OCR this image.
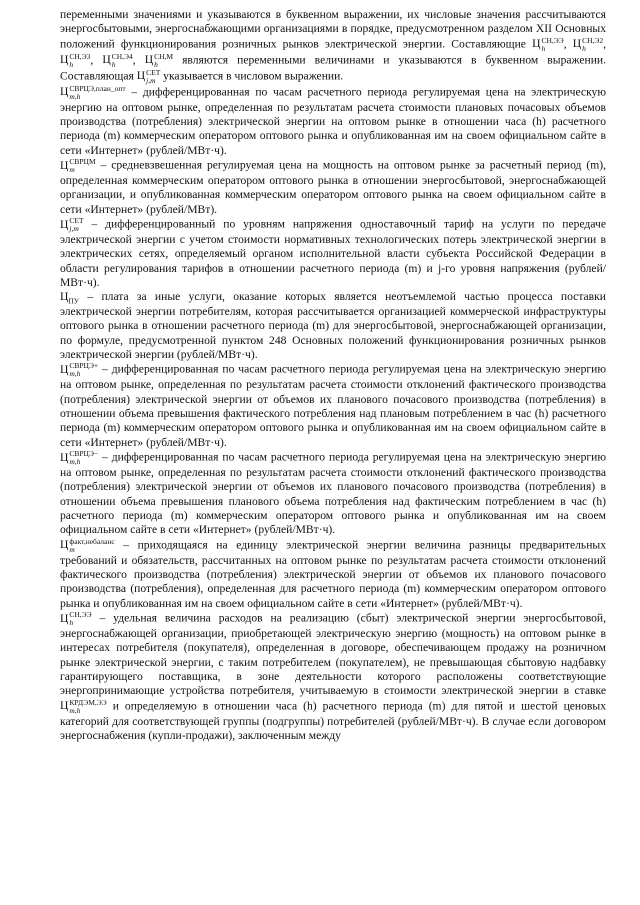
переменными значениями и указываются в буквенном выражении, их числовые значения рассчитываются энергосбытовыми, энергоснабжающими организациями в порядке, предусмотренном разделом XII Основных положений функционирования розничных рынков электрической энергии. Составляющие Ц СН,ЭЭ
h	, Ц СН,Э2
h	, Ц СН,Э3
h	, Ц СН,Э4
h	, Ц СН,М
h	являются переменными величинами и указываются в буквенном выражении. Составляющая Ц СЕТ
j,m указывается в числовом выражении.

Ц СВРЦЭ,план_опт
m,h	– дифференцированная по часам расчетного периода регулируемая цена на электрическую энергию на оптовом рынке, определенная по результатам расчета стоимости плановых почасовых объемов производства (потребления) электрической энергии на оптовом рынке в отношении часа (h) расчетного периода (m) коммерческим оператором оптового рынка и опубликованная им на своем официальном сайте в сети «Интернет» (рублей/МВт·ч).

Ц СВРЦМ
m	– средневзвешенная регулируемая цена на мощность на оптовом рынке за расчетный период (m), определенная коммерческим оператором оптового рынка в отношении энергосбытовой, энергоснабжающей организации, и опубликованная коммерческим оператором оптового рынка на своем официальном сайте в сети «Интернет» (рублей/МВт).

Ц СЕТ
j,m – дифференцированный по уровням напряжения одноставочный тариф на услуги по передаче электрической энергии с учетом стоимости нормативных технологических потерь электрической энергии в электрических сетях, определяемый органом исполнительной власти субъекта Российской Федерации в области регулирования тарифов в отношении расчетного периода (m) и j-го уровня напряжения (рублей/МВт·ч).

$Ц_{ПУ}$ – плата за иные услуги, оказание которых является неотъемлемой частью процесса поставки электрической энергии потребителям, которая рассчитывается организацией коммерческой инфраструктуры оптового рынка в отношении расчетного периода (m) для энергосбытовой, энергоснабжающей организации, по формуле, предусмотренной пунктом 248 Основных положений функционирования розничных рынков электрической энергии (рублей/МВт·ч).

Ц СВРЦЭ+
m,h	– дифференцированная по часам расчетного периода регулируемая цена на электрическую энергию на оптовом рынке, определенная по результатам расчета стоимости отклонений фактического производства (потребления) электрической энергии от объемов их планового почасового производства (потребления) в отношении объема превышения фактического потребления над плановым потреблением в час (h) расчетного периода (m) коммерческим оператором оптового рынка и опубликованная им на своем официальном сайте в сети «Интернет» (рублей/МВт·ч).

Ц СВРЦЭ−
m,h	– дифференцированная по часам расчетного периода регулируемая цена на электрическую энергию на оптовом рынке, определенная по результатам расчета стоимости отклонений фактического производства (потребления) электрической энергии от объемов их планового почасового производства (потребления) в отношении объема превышения планового объема потребления над фактическим потреблением в час (h) расчетного периода (m) коммерческим оператором оптового рынка и опубликованная им на своем официальном сайте в сети «Интернет» (рублей/МВт·ч).

Ц факт,небаланс
m	– приходящаяся на единицу электрической энергии величина разницы предварительных требований и обязательств, рассчитанных на оптовом рынке по результатам расчета стоимости отклонений фактического производства (потребления) электрической энергии от объемов их планового почасового производства (потребления), определенная для расчетного периода (m) коммерческим оператором оптового рынка и опубликованная им на своем официальном сайте в сети «Интернет» (рублей/МВт·ч).

Ц СН,ЭЭ
h	– удельная величина расходов на реализацию (сбыт) электрической энергии энергосбытовой, энергоснабжающей организации, приобретающей электрическую энергию (мощность) на оптовом рынке в интересах потребителя (покупателя), определенная в договоре, обеспечивающем продажу на розничном рынке электрической энергии, с таким потребителем (покупателем), не превышающая сбытовую надбавку гарантирующего поставщика, в зоне деятельности которого расположены соответствующие энергопринимающие устройства потребителя, учитываемую в стоимости электрической энергии в ставке Ц КРДЭМ,ЭЭ
m,h	и определяемую в отношении часа (h) расчетного периода (m) для пятой и шестой ценовых категорий для соответствующей группы (подгруппы) потребителей (рублей/МВт·ч). В случае если договором энергоснабжения (купли-продажи), заключенным между
